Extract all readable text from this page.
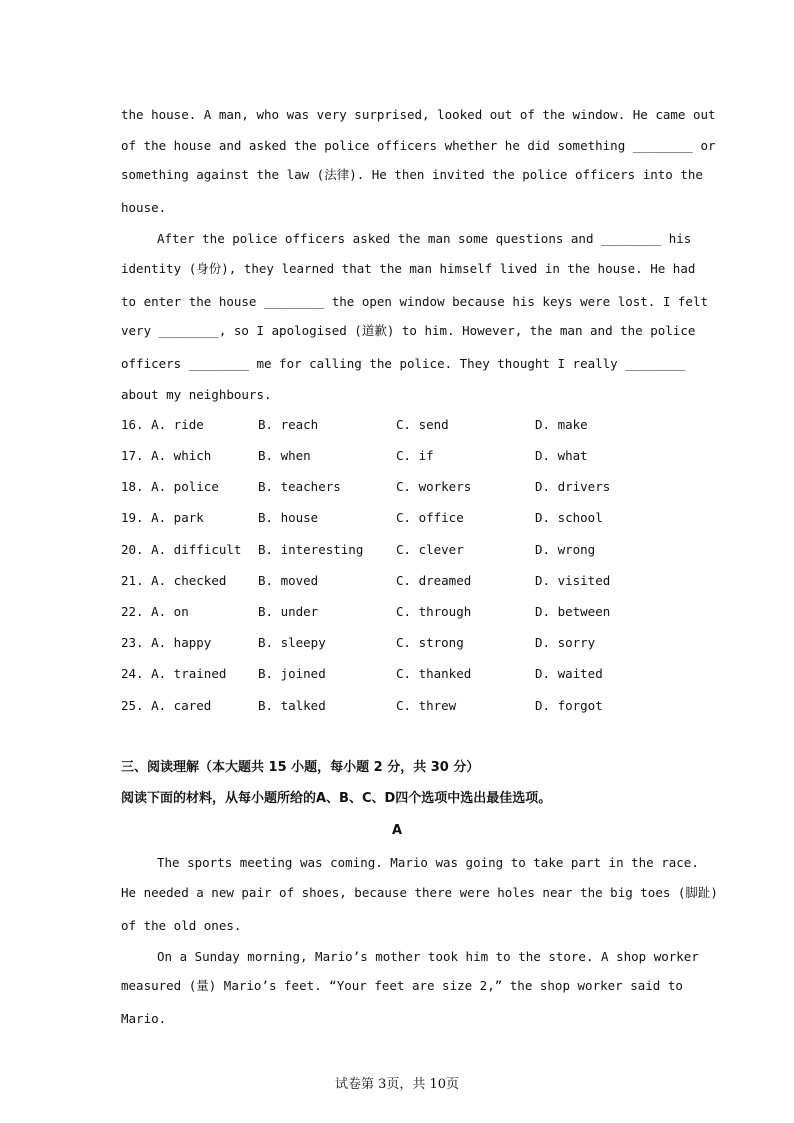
the house. A man, who was very surprised, looked out of the window. He came out
of the house and asked the police officers whether he did something ________ or
something against the law (法律). He then invited the police officers into the
house.
After the police officers asked the man some questions and ________ his
identity (身份), they learned that the man himself lived in the house. He had
to enter the house ________ the open window because his keys were lost. I felt
very ________, so I apologised (道歉) to him. However, the man and the police
officers ________ me for calling the police. They thought I really ________
about my neighbours.
16. A. ride	B. reach	C. send	D. make
17. A. which	B. when	C. if	D. what
18. A. police	B. teachers	C. workers	D. drivers
19. A. park	B. house	C. office	D. school
20. A. difficult B. interesting	C. clever	D. wrong
21. A. checked	B. moved	C. dreamed	D. visited
22. A. on	B. under	C. through	D. between
23. A. happy	B. sleepy	C. strong	D. sorry
24. A. trained	B. joined	C. thanked	D. waited
25. A. cared	B. talked	C. threw	D. forgot
三、阅读理解（本大题共 15 小题，每小题 2 分，共 30 分）
阅读下面的材料，从每小题所给的A、B、C、D四个选项中选出最佳选项。
A
The sports meeting was coming. Mario was going to take part in the race.
He needed a new pair of shoes, because there were holes near the big toes (脚趾)
of the old ones.
On a Sunday morning, Mario’s mother took him to the store. A shop worker
measured (量) Mario’s feet. “Your feet are size 2,” the shop worker said to
Mario.
试卷第 3页，共 10页
